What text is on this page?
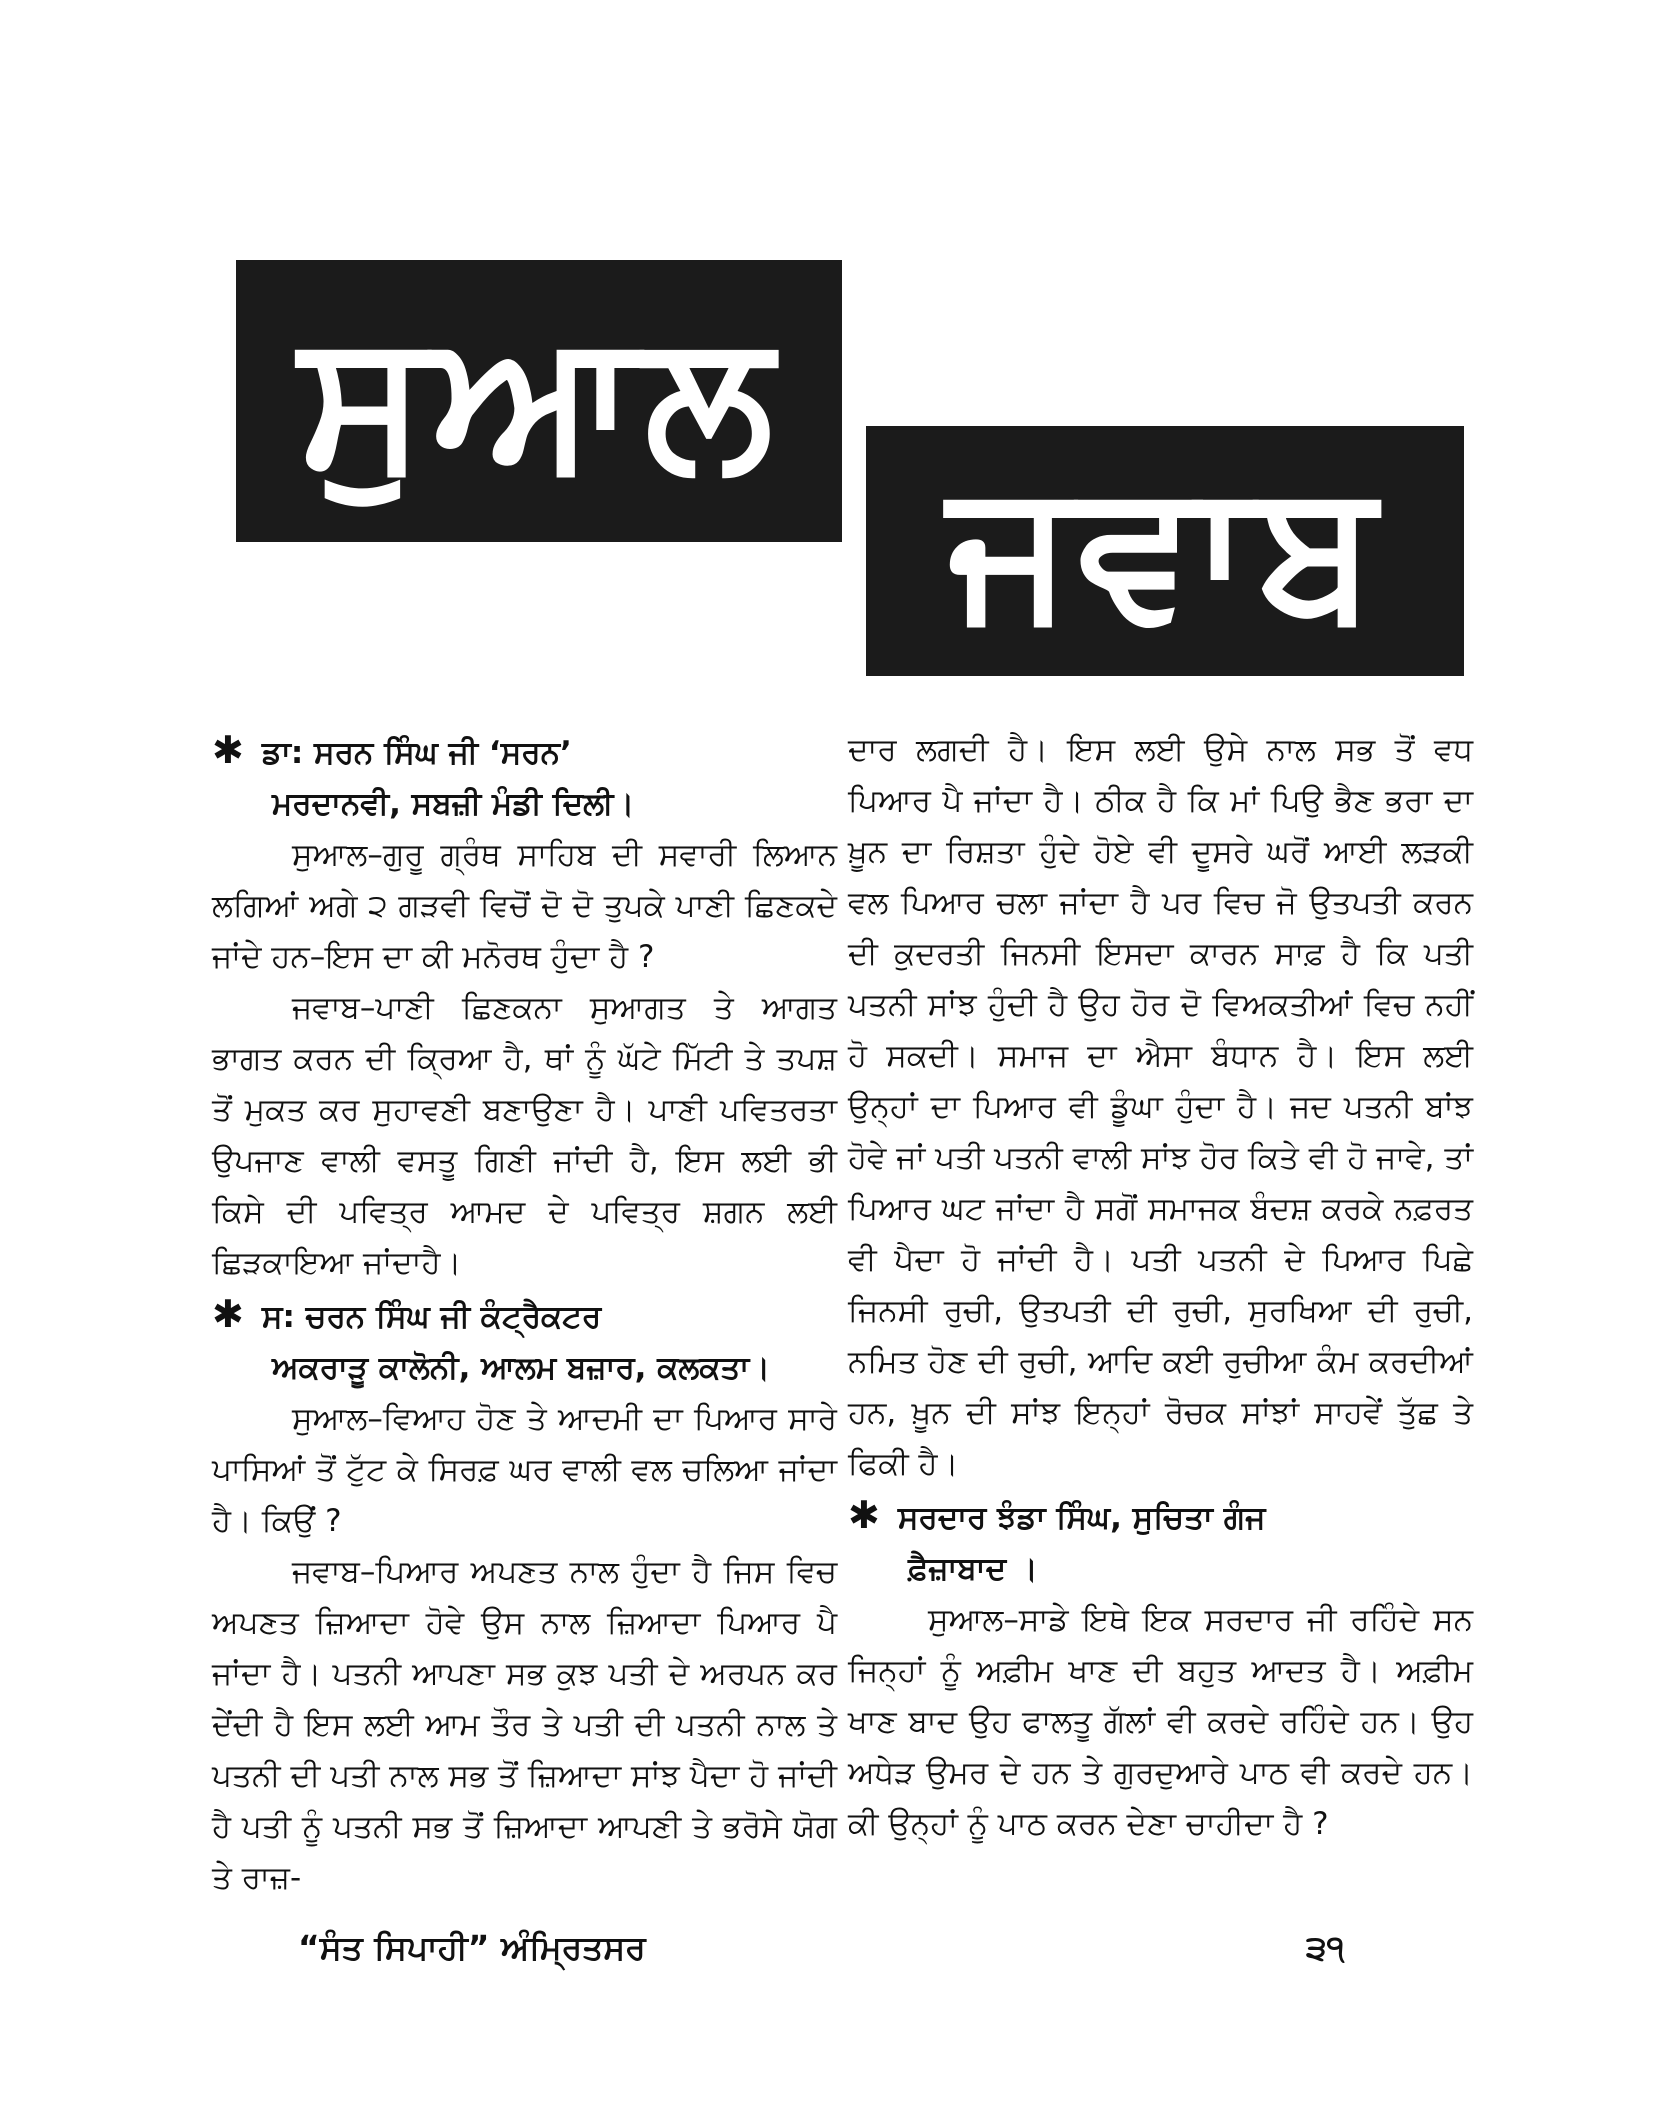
ਸੁਆਲ
ਜਵਾਬ

✱ ਡਾ: ਸਰਨ ਸਿੰਘ ਜੀ ‘ਸਰਨ’

ਮਰਦਾਨਵੀ, ਸਬਜ਼ੀ ਮੰਡੀ ਦਿਲੀ।

ਸੁਆਲ–ਗੁਰੂ ਗ੍ਰੰਥ ਸਾਹਿਬ ਦੀ ਸਵਾਰੀ ਲਿਆਨ ਲਗਿਆਂ ਅਗੇ ੨ ਗੜਵੀ ਵਿਚੋਂ ਦੋ ਦੋ ਤੁਪਕੇ ਪਾਣੀ ਛਿਣਕਦੇ ਜਾਂਦੇ ਹਨ–ਇਸ ਦਾ ਕੀ ਮਨੋਰਥ ਹੁੰਦਾ ਹੈ ?

ਜਵਾਬ–ਪਾਣੀ ਛਿਣਕਨਾ ਸੁਆਗਤ ਤੇ ਆਗਤ ਭਾਗਤ ਕਰਨ ਦੀ ਕ੍ਰਿਆ ਹੈ, ਥਾਂ ਨੂੰ ਘੱਟੇ ਮਿੱਟੀ ਤੇ ਤਪਸ਼ ਤੋਂ ਮੁਕਤ ਕਰ ਸੁਹਾਵਣੀ ਬਣਾਉਣਾ ਹੈ। ਪਾਣੀ ਪਵਿਤਰਤਾ ਉਪਜਾਣ ਵਾਲੀ ਵਸਤੂ ਗਿਣੀ ਜਾਂਦੀ ਹੈ, ਇਸ ਲਈ ਭੀ ਕਿਸੇ ਦੀ ਪਵਿਤ੍ਰ ਆਮਦ ਦੇ ਪਵਿਤ੍ਰ ਸ਼ਗਨ ਲਈ ਛਿੜਕਾਇਆ ਜਾਂਦਾਹੈ।

✱ ਸ: ਚਰਨ ਸਿੰਘ ਜੀ ਕੰਟ੍ਰੈਕਟਰ

ਅਕਰਾੜੂ ਕਾਲੋਨੀ, ਆਲਮ ਬਜ਼ਾਰ, ਕਲਕਤਾ।

ਸੁਆਲ–ਵਿਆਹ ਹੋਣ ਤੇ ਆਦਮੀ ਦਾ ਪਿਆਰ ਸਾਰੇ ਪਾਸਿਆਂ ਤੋਂ ਟੁੱਟ ਕੇ ਸਿਰਫ਼ ਘਰ ਵਾਲੀ ਵਲ ਚਲਿਆ ਜਾਂਦਾ ਹੈ। ਕਿਉਂ ?

ਜਵਾਬ–ਪਿਆਰ ਅਪਣਤ ਨਾਲ ਹੁੰਦਾ ਹੈ ਜਿਸ ਵਿਚ ਅਪਣਤ ਜ਼ਿਆਦਾ ਹੋਵੇ ਉਸ ਨਾਲ ਜ਼ਿਆਦਾ ਪਿਆਰ ਪੈ ਜਾਂਦਾ ਹੈ। ਪਤਨੀ ਆਪਣਾ ਸਭ ਕੁਝ ਪਤੀ ਦੇ ਅਰਪਨ ਕਰ ਦੇਂਦੀ ਹੈ ਇਸ ਲਈ ਆਮ ਤੌਰ ਤੇ ਪਤੀ ਦੀ ਪਤਨੀ ਨਾਲ ਤੇ ਪਤਨੀ ਦੀ ਪਤੀ ਨਾਲ ਸਭ ਤੋਂ ਜ਼ਿਆਦਾ ਸਾਂਝ ਪੈਦਾ ਹੋ ਜਾਂਦੀ ਹੈ ਪਤੀ ਨੂੰ ਪਤਨੀ ਸਭ ਤੋਂ ਜ਼ਿਆਦਾ ਆਪਣੀ ਤੇ ਭਰੋਸੇ ਯੋਗ ਤੇ ਰਾਜ਼-

ਦਾਰ ਲਗਦੀ ਹੈ। ਇਸ ਲਈ ਉਸੇ ਨਾਲ ਸਭ ਤੋਂ ਵਧ ਪਿਆਰ ਪੈ ਜਾਂਦਾ ਹੈ। ਠੀਕ ਹੈ ਕਿ ਮਾਂ ਪਿਉ ਭੈਣ ਭਰਾ ਦਾ ਖ਼ੂਨ ਦਾ ਰਿਸ਼ਤਾ ਹੁੰਦੇ ਹੋਏ ਵੀ ਦੂਸਰੇ ਘਰੋਂ ਆਈ ਲੜਕੀ ਵਲ ਪਿਆਰ ਚਲਾ ਜਾਂਦਾ ਹੈ ਪਰ ਵਿਚ ਜੋ ਉਤਪਤੀ ਕਰਨ ਦੀ ਕੁਦਰਤੀ ਜਿਨਸੀ ਇਸਦਾ ਕਾਰਨ ਸਾਫ਼ ਹੈ ਕਿ ਪਤੀ ਪਤਨੀ ਸਾਂਝ ਹੁੰਦੀ ਹੈ ਉਹ ਹੋਰ ਦੋ ਵਿਅਕਤੀਆਂ ਵਿਚ ਨਹੀਂ ਹੋ ਸਕਦੀ। ਸਮਾਜ ਦਾ ਐਸਾ ਬੰਧਾਨ ਹੈ। ਇਸ ਲਈ ਉਨ੍ਹਾਂ ਦਾ ਪਿਆਰ ਵੀ ਡੂੰਘਾ ਹੁੰਦਾ ਹੈ। ਜਦ ਪਤਨੀ ਬਾਂਝ ਹੋਵੇ ਜਾਂ ਪਤੀ ਪਤਨੀ ਵਾਲੀ ਸਾਂਝ ਹੋਰ ਕਿਤੇ ਵੀ ਹੋ ਜਾਵੇ, ਤਾਂ ਪਿਆਰ ਘਟ ਜਾਂਦਾ ਹੈ ਸਗੋਂ ਸਮਾਜਕ ਬੰਦਸ਼ ਕਰਕੇ ਨਫ਼ਰਤ ਵੀ ਪੈਦਾ ਹੋ ਜਾਂਦੀ ਹੈ। ਪਤੀ ਪਤਨੀ ਦੇ ਪਿਆਰ ਪਿਛੇ ਜਿਨਸੀ ਰੁਚੀ, ਉਤਪਤੀ ਦੀ ਰੁਚੀ, ਸੁਰਖਿਆ ਦੀ ਰੁਚੀ, ਨਮਿਤ ਹੋਣ ਦੀ ਰੁਚੀ, ਆਦਿ ਕਈ ਰੁਚੀਆ ਕੰਮ ਕਰਦੀਆਂ ਹਨ, ਖ਼ੂਨ ਦੀ ਸਾਂਝ ਇਨ੍ਹਾਂ ਰੋਚਕ ਸਾਂਝਾਂ ਸਾਹਵੇਂ ਤੁੱਛ ਤੇ ਫਿਕੀ ਹੈ।

✱ ਸਰਦਾਰ ਝੰਡਾ ਸਿੰਘ, ਸੁਚਿਤਾ ਗੰਜ

ਫ਼ੈਜ਼ਾਬਾਦ ।

ਸੁਆਲ–ਸਾਡੇ ਇਥੇ ਇਕ ਸਰਦਾਰ ਜੀ ਰਹਿੰਦੇ ਸਨ ਜਿਨ੍ਹਾਂ ਨੂੰ ਅਫ਼ੀਮ ਖਾਣ ਦੀ ਬਹੁਤ ਆਦਤ ਹੈ। ਅਫ਼ੀਮ ਖਾਣ ਬਾਦ ਉਹ ਫਾਲਤੂ ਗੱਲਾਂ ਵੀ ਕਰਦੇ ਰਹਿੰਦੇ ਹਨ। ਉਹ ਅਧੇੜ ਉਮਰ ਦੇ ਹਨ ਤੇ ਗੁਰਦੁਆਰੇ ਪਾਠ ਵੀ ਕਰਦੇ ਹਨ। ਕੀ ਉਨ੍ਹਾਂ ਨੂੰ ਪਾਠ ਕਰਨ ਦੇਣਾ ਚਾਹੀਦਾ ਹੈ ?

“ਸੰਤ ਸਿਪਾਹੀ” ਅੰਮ੍ਰਿਤਸਰ	੩੧
